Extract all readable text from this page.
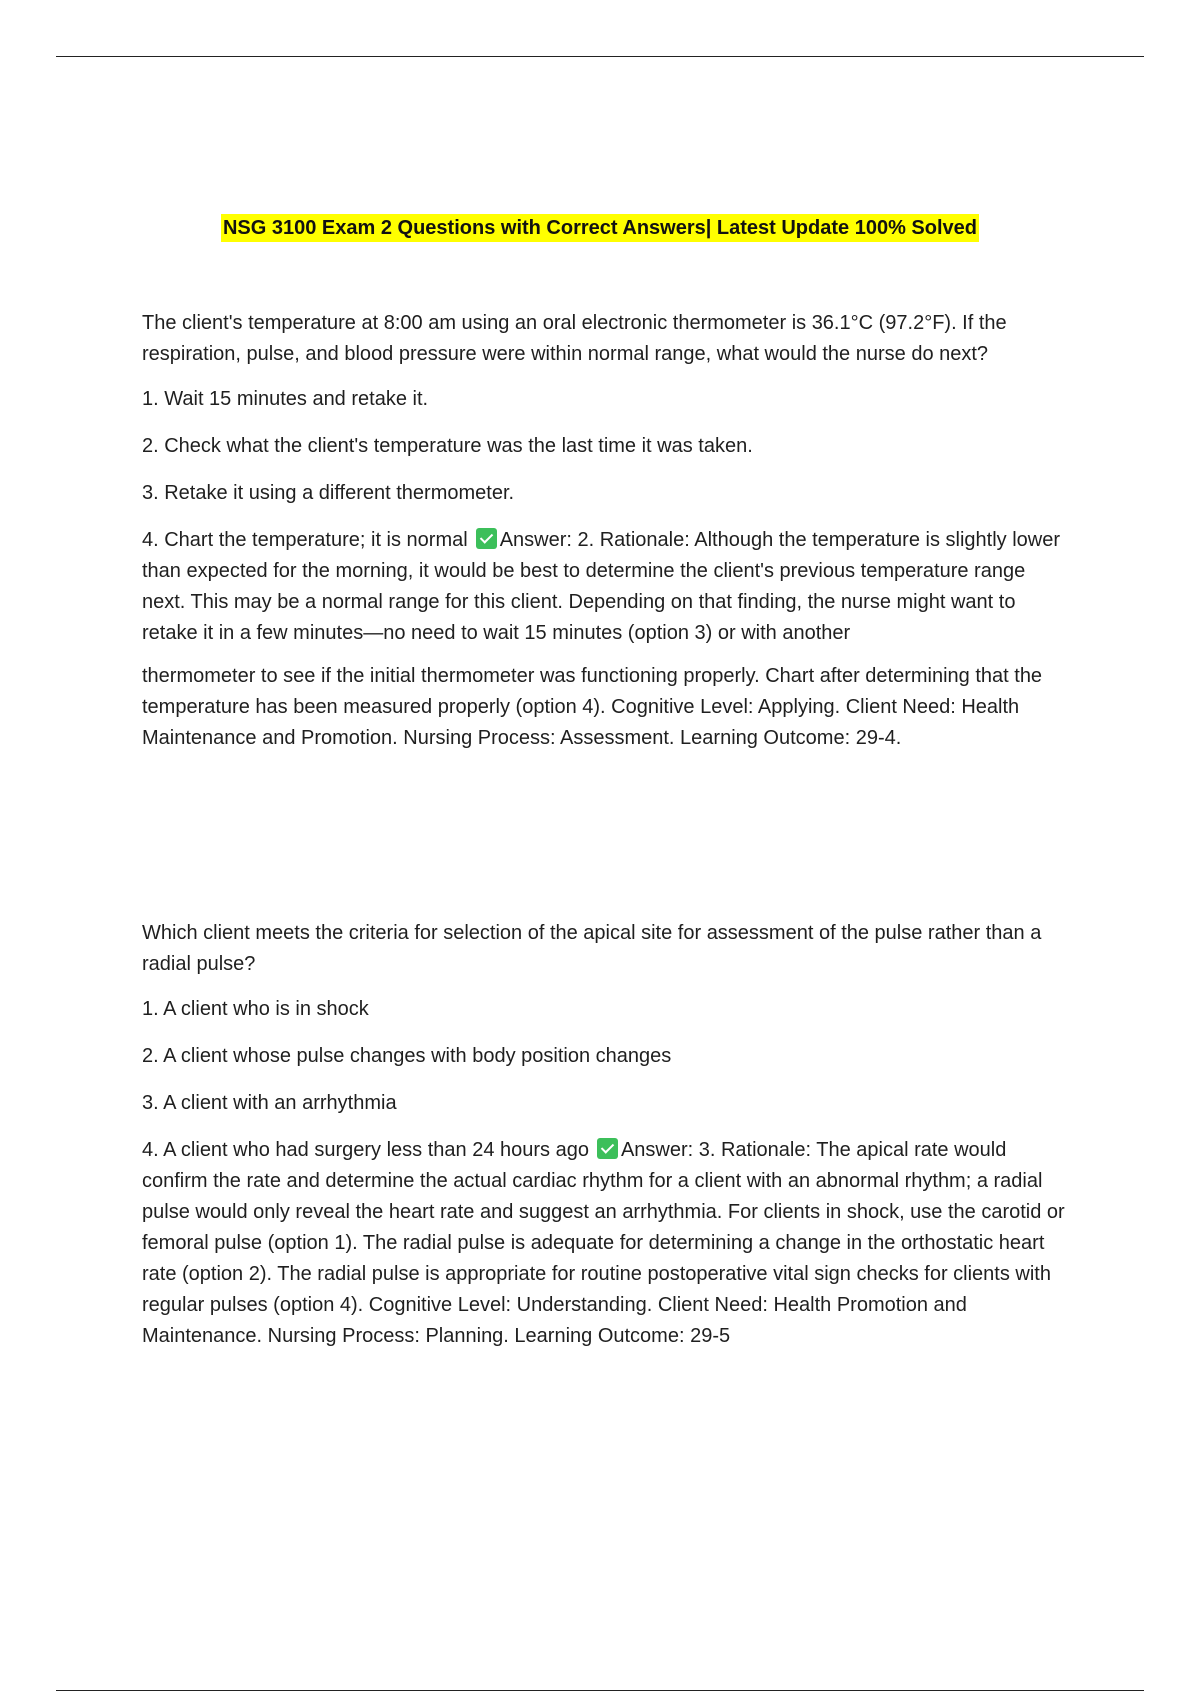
NSG 3100 Exam 2 Questions with Correct Answers| Latest Update 100% Solved

The client's temperature at 8:00 am using an oral electronic thermometer is 36.1°C (97.2°F). If the respiration, pulse, and blood pressure were within normal range, what would the nurse do next?

1. Wait 15 minutes and retake it.

2. Check what the client's temperature was the last time it was taken.

3. Retake it using a different thermometer.

4. Chart the temperature; it is normal Answer: 2. Rationale: Although the temperature is slightly lower than expected for the morning, it would be best to determine the client's previous temperature range next. This may be a normal range for this client. Depending on that finding, the nurse might want to retake it in a few minutes—no need to wait 15 minutes (option 3) or with another

thermometer to see if the initial thermometer was functioning properly. Chart after determining that the temperature has been measured properly (option 4). Cognitive Level: Applying. Client Need: Health Maintenance and Promotion. Nursing Process: Assessment. Learning Outcome: 29-4.

Which client meets the criteria for selection of the apical site for assessment of the pulse rather than a radial pulse?

1. A client who is in shock

2. A client whose pulse changes with body position changes

3. A client with an arrhythmia

4. A client who had surgery less than 24 hours ago Answer: 3. Rationale: The apical rate would confirm the rate and determine the actual cardiac rhythm for a client with an abnormal rhythm; a radial pulse would only reveal the heart rate and suggest an arrhythmia. For clients in shock, use the carotid or femoral pulse (option 1). The radial pulse is adequate for determining a change in the orthostatic heart rate (option 2). The radial pulse is appropriate for routine postoperative vital sign checks for clients with regular pulses (option 4). Cognitive Level: Understanding. Client Need: Health Promotion and Maintenance. Nursing Process: Planning. Learning Outcome: 29-5
